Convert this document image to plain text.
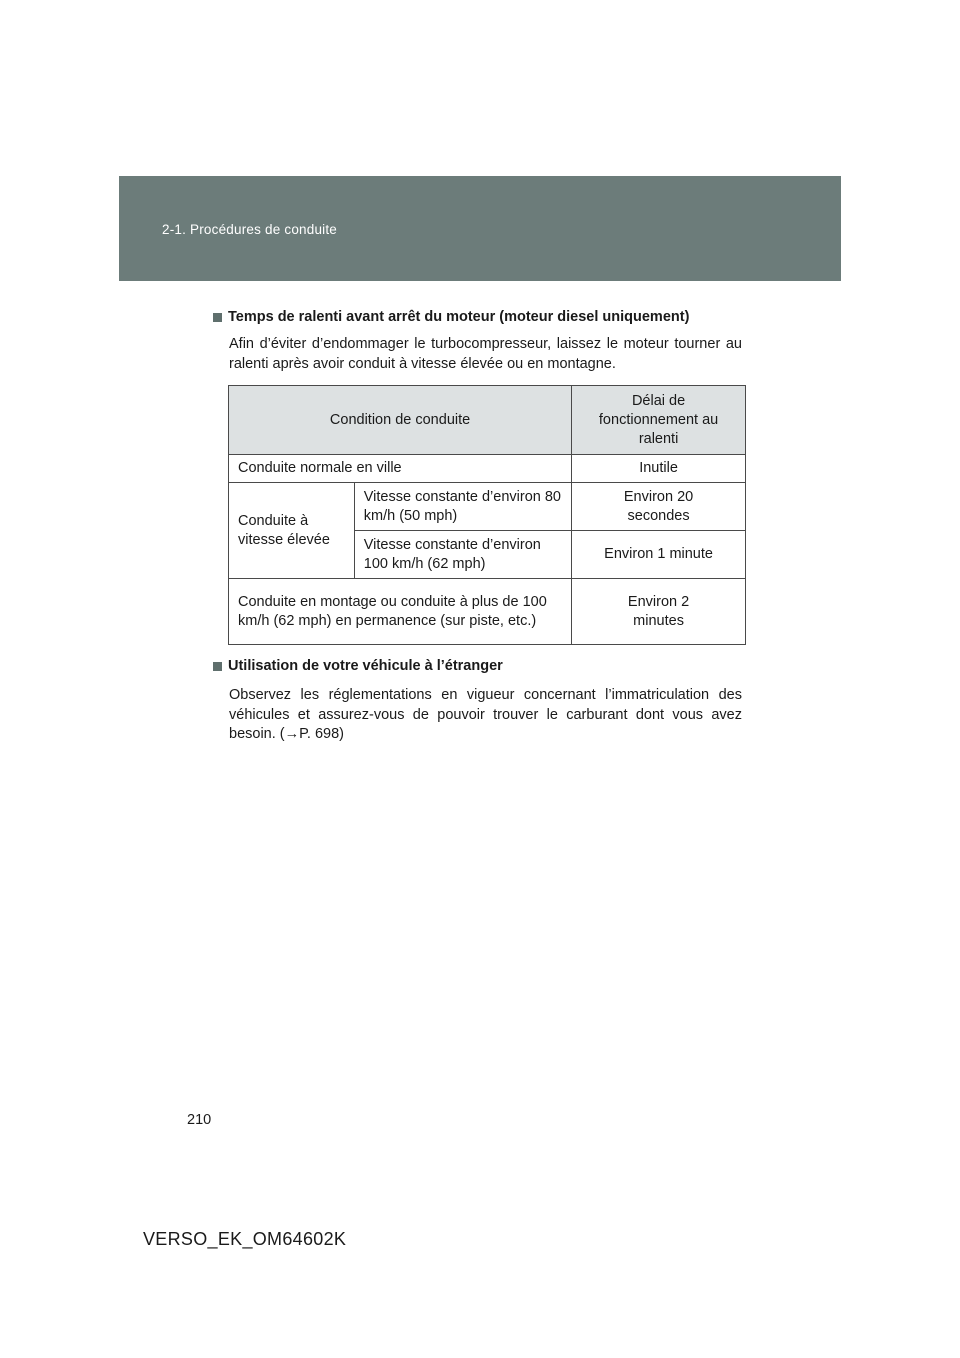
2-1. Procédures de conduite
Temps de ralenti avant arrêt du moteur (moteur diesel uniquement)
Afin d’éviter d’endommager le turbocompresseur, laissez le moteur tourner au ralenti après avoir conduit à vitesse élevée ou en montagne.
Condition de conduite		Délai de fonctionnement au ralenti
Conduite normale en ville		Inutile
Conduite à vitesse élevée	Vitesse constante d’environ 80 km/h (50 mph)	Environ 20 secondes
	Vitesse constante d’environ 100 km/h (62 mph)	Environ 1 minute
Conduite en montage ou conduite à plus de 100 km/h (62 mph) en permanence (sur piste, etc.)		Environ 2 minutes
Utilisation de votre véhicule à l’étranger
Observez les réglementations en vigueur concernant l’immatriculation des véhicules et assurez-vous de pouvoir trouver le carburant dont vous avez besoin. (→P. 698)
210
VERSO_EK_OM64602K
